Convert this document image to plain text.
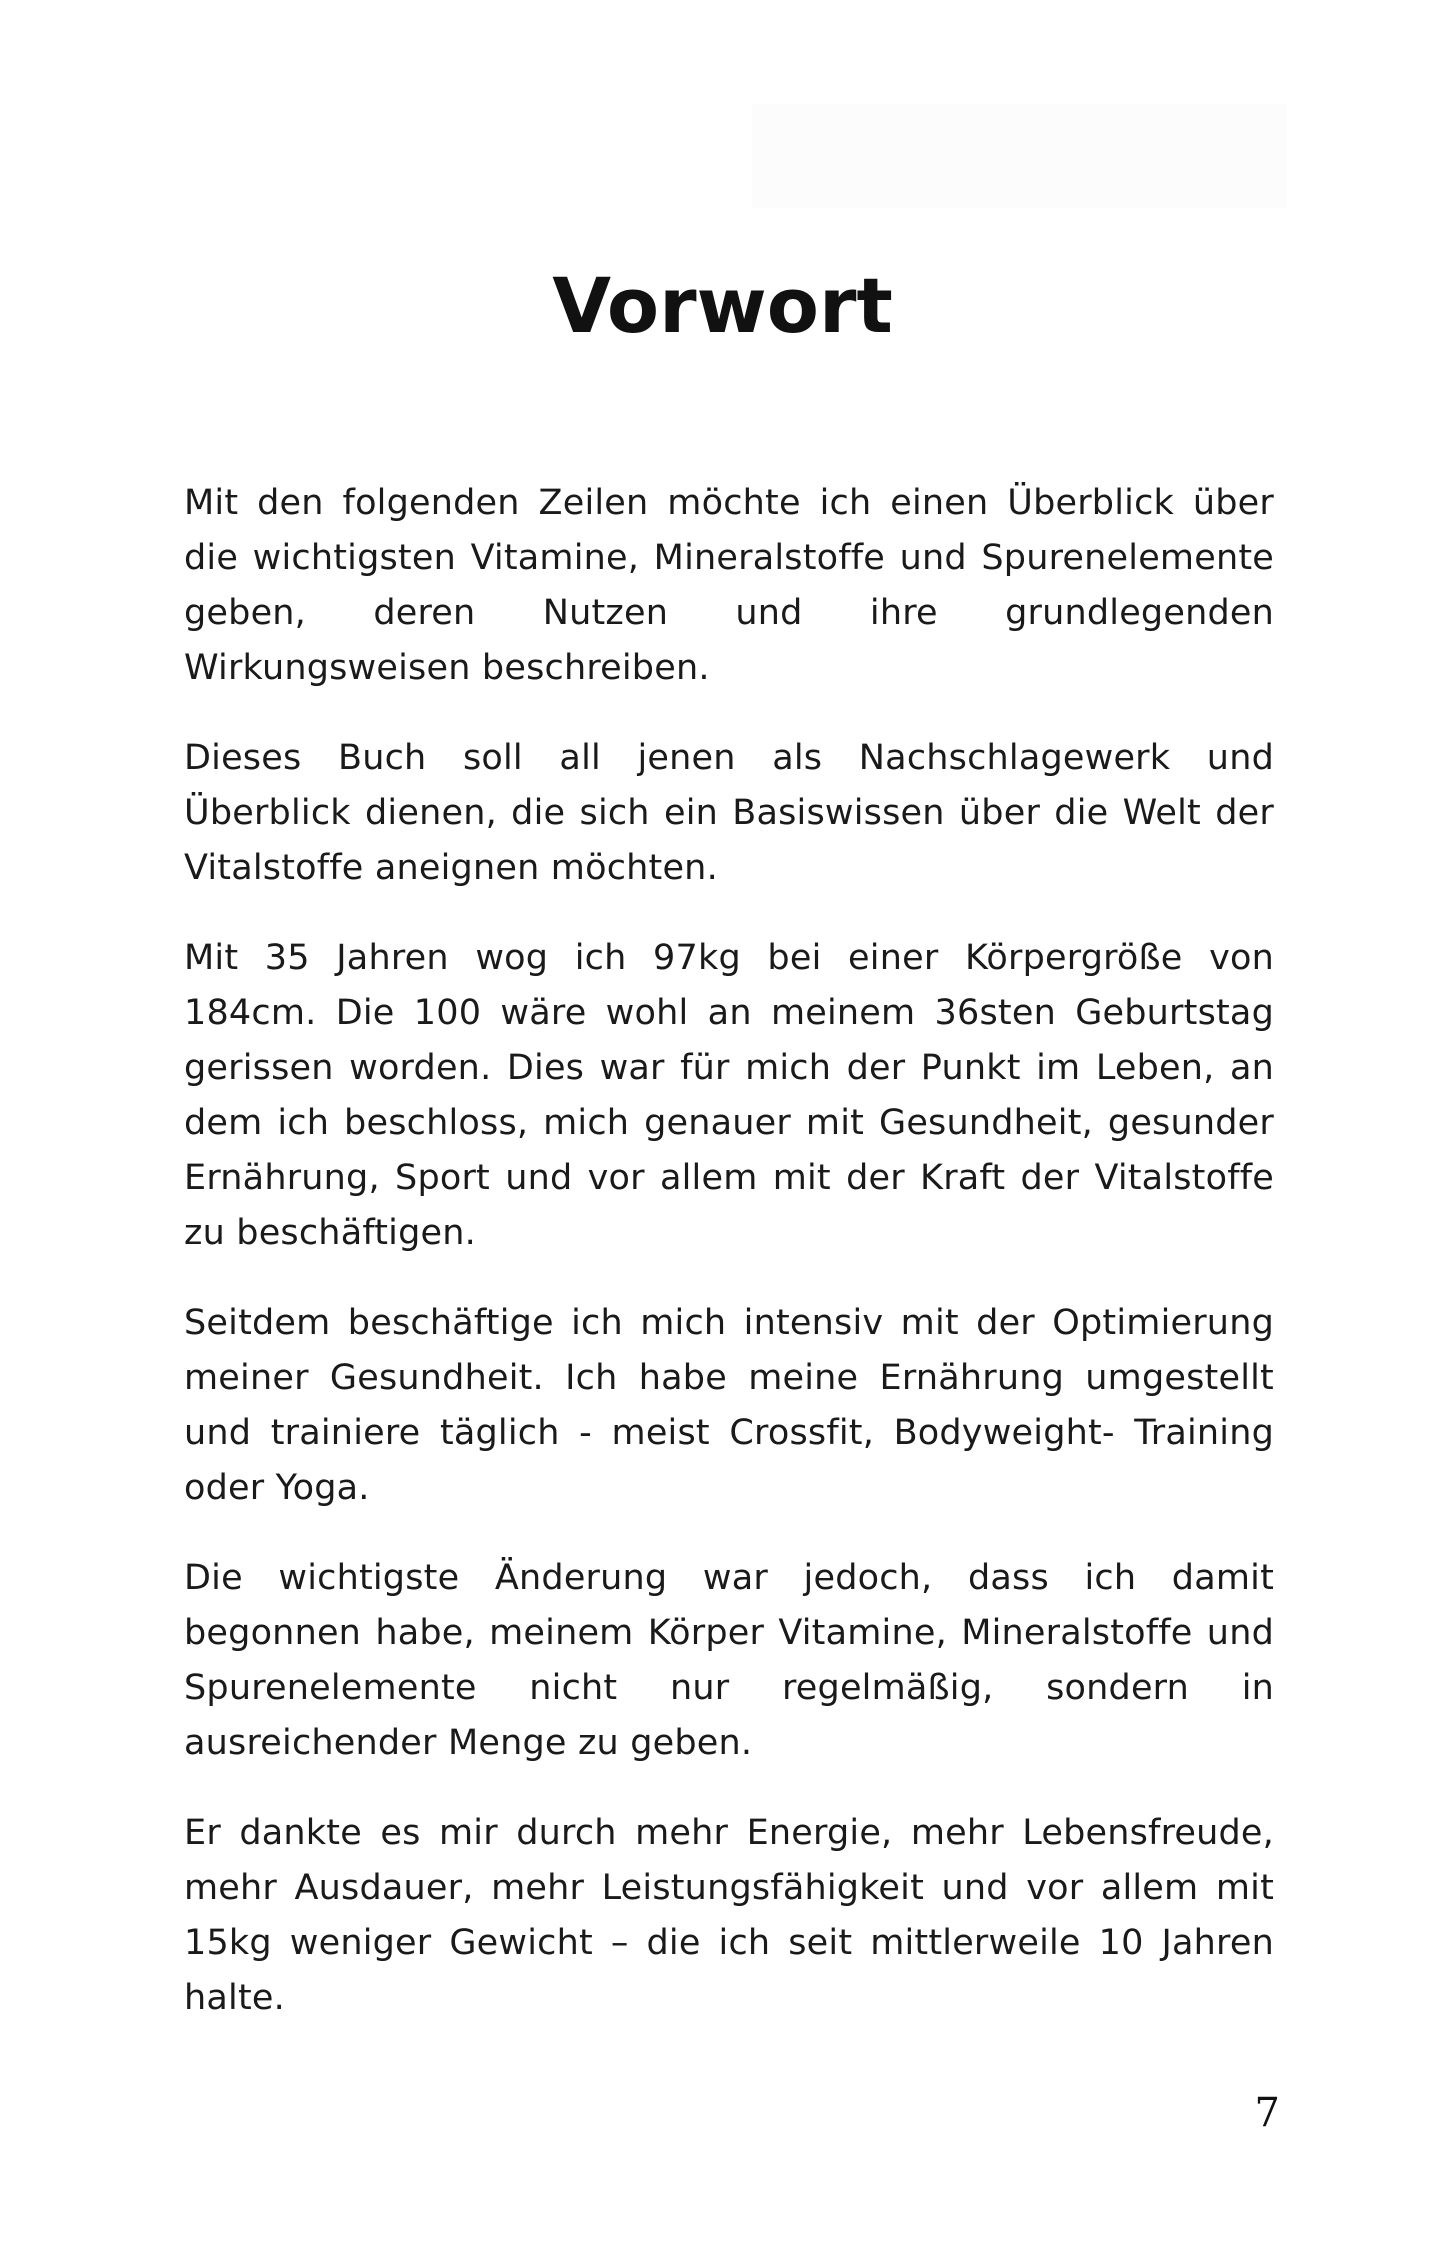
Vorwort

Mit den folgenden Zeilen möchte ich einen Überblick über die wichtigsten Vitamine, Mineralstoffe und Spurenelemente geben, deren Nutzen und ihre grundlegenden Wirkungsweisen beschreiben.

Dieses Buch soll all jenen als Nachschlagewerk und Überblick dienen, die sich ein Basiswissen über die Welt der Vitalstoffe aneignen möchten.

Mit 35 Jahren wog ich 97kg bei einer Körpergröße von 184cm. Die 100 wäre wohl an meinem 36sten Geburtstag gerissen worden. Dies war für mich der Punkt im Leben, an dem ich beschloss, mich genauer mit Gesundheit, gesunder Ernährung, Sport und vor allem mit der Kraft der Vitalstoffe zu beschäftigen.

Seitdem beschäftige ich mich intensiv mit der Optimierung meiner Gesundheit. Ich habe meine Ernährung umgestellt und trainiere täglich - meist Crossfit, Bodyweight- Training oder Yoga.

Die wichtigste Änderung war jedoch, dass ich damit begonnen habe, meinem Körper Vitamine, Mineralstoffe und Spurenelemente nicht nur regelmäßig, sondern in ausreichender Menge zu geben.

Er dankte es mir durch mehr Energie, mehr Lebensfreude, mehr Ausdauer, mehr Leistungsfähigkeit und vor allem mit 15kg weniger Gewicht – die ich seit mittlerweile 10 Jahren halte.

7
